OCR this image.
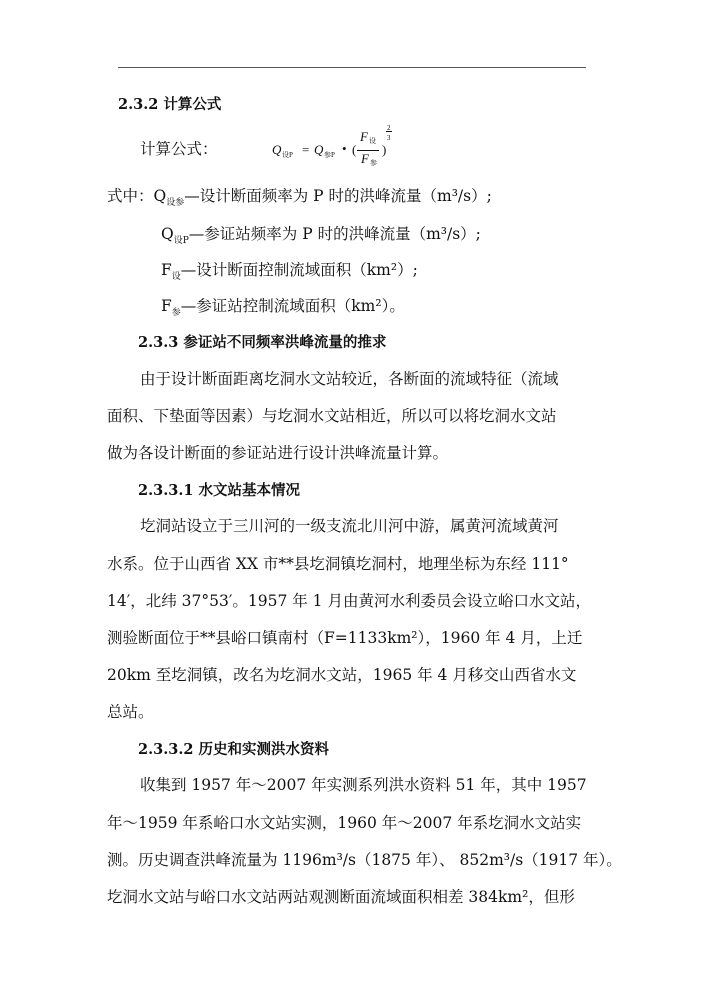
2.3.2 计算公式
计算公式：	Q 设P = Q 参P • (
F 设
F 参
)
2
3
式中：$Q_{设参}—$设计断面频率为 P 时的洪峰流量（m³/s）;
$Q_{设P}—$参证站频率为 P 时的洪峰流量（m³/s）;
$F_设—$设计断面控制流域面积（km²）;
$F_参—$参证站控制流域面积（km²）。
2.3.3 参证站不同频率洪峰流量的推求
由于设计断面距离圪洞水文站较近，各断面的流域特征（流域
面积、下垫面等因素）与圪洞水文站相近，所以可以将圪洞水文站
做为各设计断面的参证站进行设计洪峰流量计算。
2.3.3.1 水文站基本情况
圪洞站设立于三川河的一级支流北川河中游，属黄河流域黄河
水系。位于山西省 XX 市**县圪洞镇圪洞村，地理坐标为东经 111°
14′，北纬 37°53′。1957 年 1 月由黄河水利委员会设立峪口水文站，
测验断面位于**县峪口镇南村（F=1133km²），1960 年 4 月，上迁
20km 至圪洞镇，改名为圪洞水文站，1965 年 4 月移交山西省水文
总站。
2.3.3.2 历史和实测洪水资料
收集到 1957 年～2007 年实测系列洪水资料 51 年，其中 1957
年～1959 年系峪口水文站实测，1960 年～2007 年系圪洞水文站实
测。历史调查洪峰流量为 1196m³/s（1875 年）、 852m³/s（1917 年）。
圪洞水文站与峪口水文站两站观测断面流域面积相差 384km²，但形
